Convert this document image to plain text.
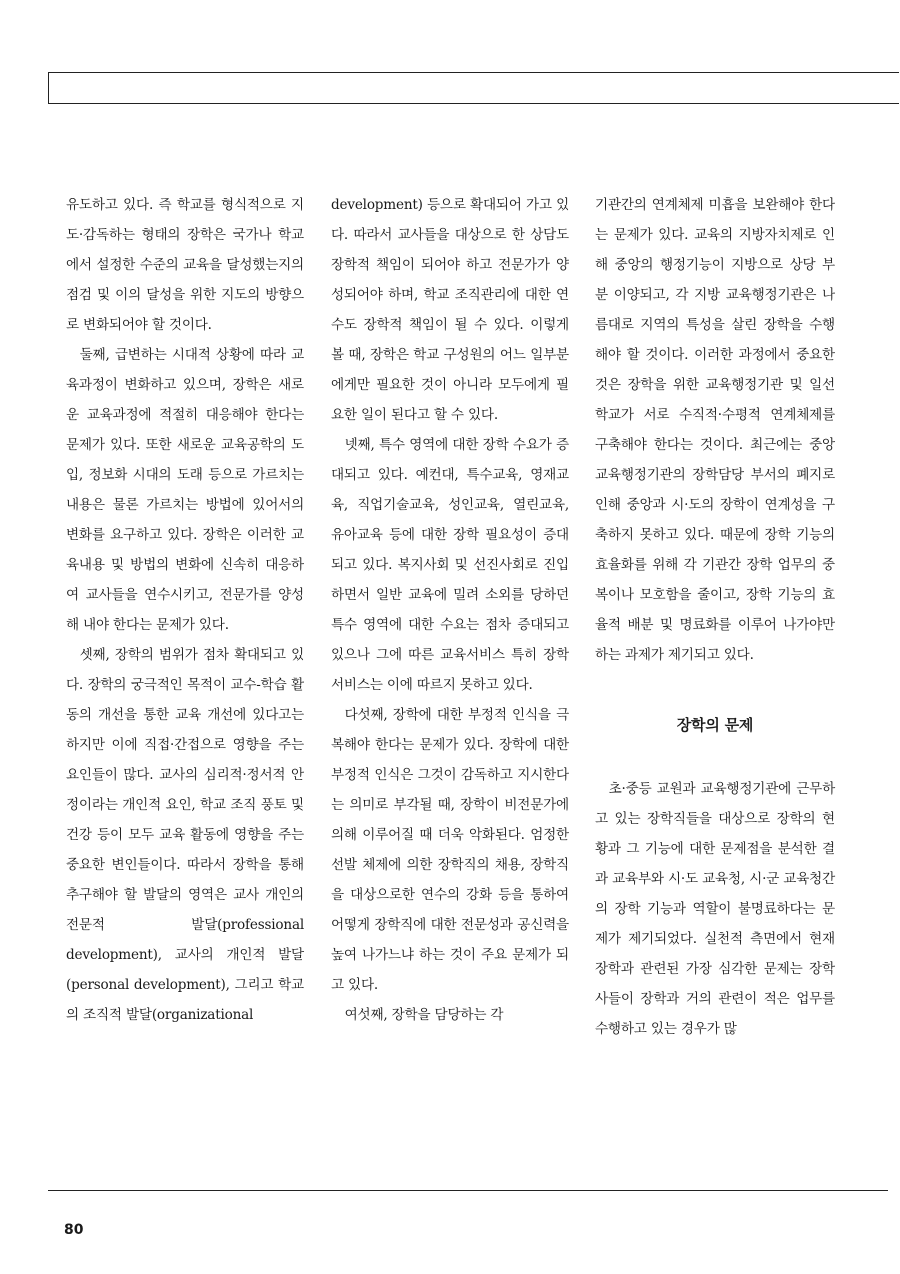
유도하고 있다. 즉 학교를 형식적으로 지도·감독하는 형태의 장학은 국가나 학교에서 설정한 수준의 교육을 달성했는지의 점검 및 이의 달성을 위한 지도의 방향으로 변화되어야 할 것이다.

둘째, 급변하는 시대적 상황에 따라 교육과정이 변화하고 있으며, 장학은 새로운 교육과정에 적절히 대응해야 한다는 문제가 있다. 또한 새로운 교육공학의 도입, 정보화 시대의 도래 등으로 가르치는 내용은 물론 가르치는 방법에 있어서의 변화를 요구하고 있다. 장학은 이러한 교육내용 및 방법의 변화에 신속히 대응하여 교사들을 연수시키고, 전문가를 양성해 내야 한다는 문제가 있다.

셋째, 장학의 범위가 점차 확대되고 있다. 장학의 궁극적인 목적이 교수-학습 활동의 개선을 통한 교육 개선에 있다고는 하지만 이에 직접·간접으로 영향을 주는 요인들이 많다. 교사의 심리적·정서적 안정이라는 개인적 요인, 학교 조직 풍토 및 건강 등이 모두 교육 활동에 영향을 주는 중요한 변인들이다. 따라서 장학을 통해 추구해야 할 발달의 영역은 교사 개인의 전문적 발달(professional development), 교사의 개인적 발달(personal development), 그리고 학교의 조직적 발달(organizational

development) 등으로 확대되어 가고 있다. 따라서 교사들을 대상으로 한 상담도 장학적 책임이 되어야 하고 전문가가 양성되어야 하며, 학교 조직관리에 대한 연수도 장학적 책임이 될 수 있다. 이렇게 볼 때, 장학은 학교 구성원의 어느 일부분에게만 필요한 것이 아니라 모두에게 필요한 일이 된다고 할 수 있다.

넷째, 특수 영역에 대한 장학 수요가 증대되고 있다. 예컨대, 특수교육, 영재교육, 직업기술교육, 성인교육, 열린교육, 유아교육 등에 대한 장학 필요성이 증대되고 있다. 복지사회 및 선진사회로 진입하면서 일반 교육에 밀려 소외를 당하던 특수 영역에 대한 수요는 점차 증대되고 있으나 그에 따른 교육서비스 특히 장학서비스는 이에 따르지 못하고 있다.

다섯째, 장학에 대한 부정적 인식을 극복해야 한다는 문제가 있다. 장학에 대한 부정적 인식은 그것이 감독하고 지시한다는 의미로 부각될 때, 장학이 비전문가에 의해 이루어질 때 더욱 악화된다. 엄정한 선발 체제에 의한 장학직의 채용, 장학직을 대상으로한 연수의 강화 등을 통하여 어떻게 장학직에 대한 전문성과 공신력을 높여 나가느냐 하는 것이 주요 문제가 되고 있다.

여섯째, 장학을 담당하는 각

기관간의 연계체제 미흡을 보완해야 한다는 문제가 있다. 교육의 지방자치제로 인해 중앙의 행정기능이 지방으로 상당 부분 이양되고, 각 지방 교육행정기관은 나름대로 지역의 특성을 살린 장학을 수행해야 할 것이다. 이러한 과정에서 중요한 것은 장학을 위한 교육행정기관 및 일선 학교가 서로 수직적·수평적 연계체제를 구축해야 한다는 것이다. 최근에는 중앙 교육행정기관의 장학담당 부서의 폐지로 인해 중앙과 시·도의 장학이 연계성을 구축하지 못하고 있다. 때문에 장학 기능의 효율화를 위해 각 기관간 장학 업무의 중복이나 모호함을 줄이고, 장학 기능의 효율적 배분 및 명료화를 이루어 나가야만 하는 과제가 제기되고 있다.

장학의 문제

초·중등 교원과 교육행정기관에 근무하고 있는 장학직들을 대상으로 장학의 현황과 그 기능에 대한 문제점을 분석한 결과 교육부와 시·도 교육청, 시·군 교육청간의 장학 기능과 역할이 불명료하다는 문제가 제기되었다. 실천적 측면에서 현재 장학과 관련된 가장 심각한 문제는 장학사들이 장학과 거의 관련이 적은 업무를 수행하고 있는 경우가 많

80
